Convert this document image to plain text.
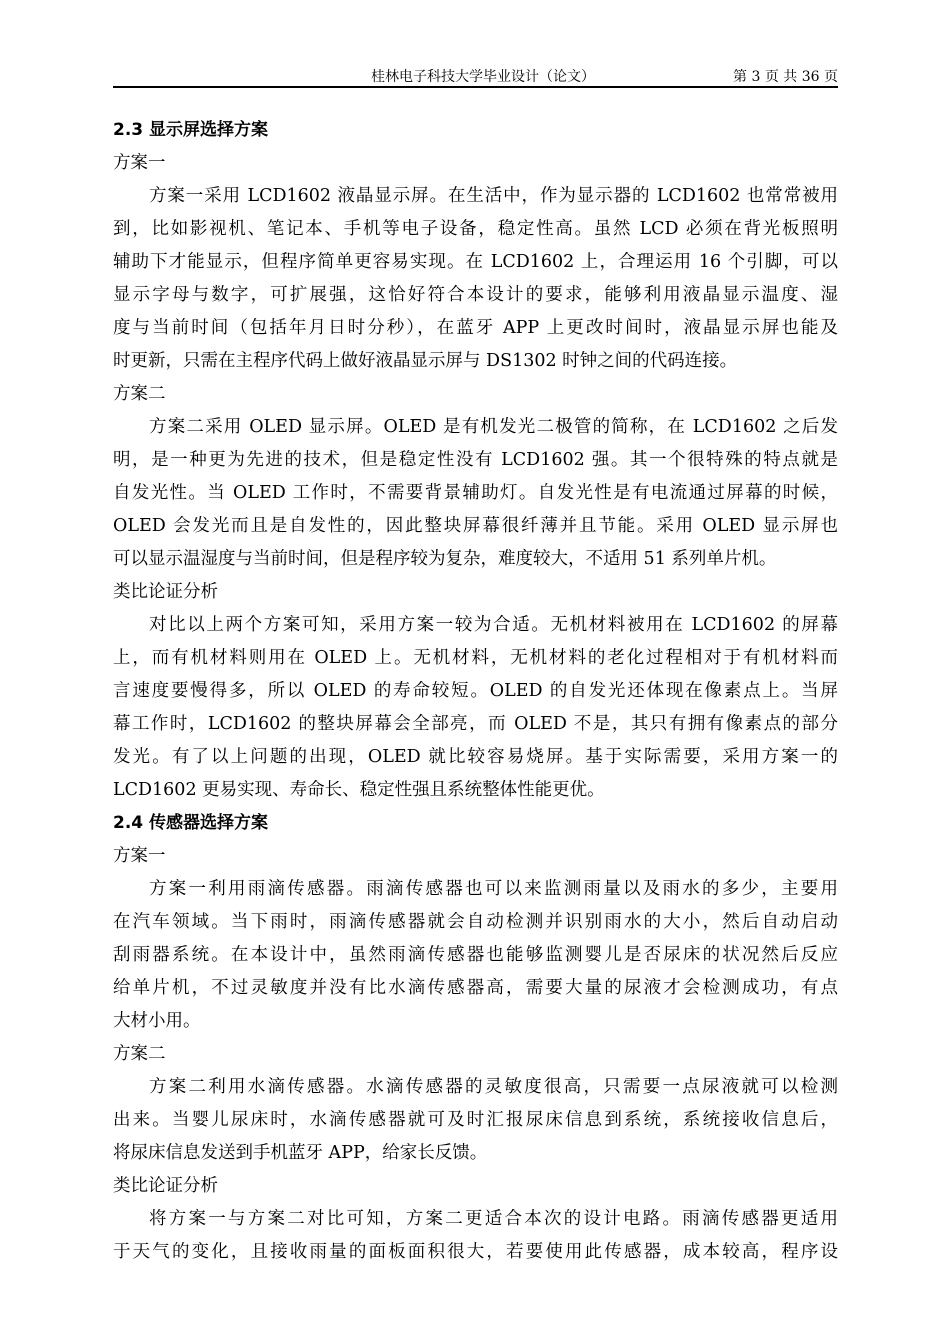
桂林电子科技大学毕业设计（论文）	第 3 页 共 36 页
2.3 显示屏选择方案
方案一
方案一采用 LCD1602 液晶显示屏。在生活中，作为显示器的 LCD1602 也常常被用
到，比如影视机、笔记本、手机等电子设备，稳定性高。虽然 LCD 必须在背光板照明
辅助下才能显示，但程序简单更容易实现。在 LCD1602 上，合理运用 16 个引脚，可以
显示字母与数字，可扩展强，这恰好符合本设计的要求，能够利用液晶显示温度、湿
度与当前时间（包括年月日时分秒），在蓝牙 APP 上更改时间时，液晶显示屏也能及
时更新，只需在主程序代码上做好液晶显示屏与 DS1302 时钟之间的代码连接。
方案二
方案二采用 OLED 显示屏。OLED 是有机发光二极管的简称，在 LCD1602 之后发
明，是一种更为先进的技术，但是稳定性没有 LCD1602 强。其一个很特殊的特点就是
自发光性。当 OLED 工作时，不需要背景辅助灯。自发光性是有电流通过屏幕的时候，
OLED 会发光而且是自发性的，因此整块屏幕很纤薄并且节能。采用 OLED 显示屏也
可以显示温湿度与当前时间，但是程序较为复杂，难度较大，不适用 51 系列单片机。
类比论证分析
对比以上两个方案可知，采用方案一较为合适。无机材料被用在 LCD1602 的屏幕
上，而有机材料则用在 OLED 上。无机材料，无机材料的老化过程相对于有机材料而
言速度要慢得多，所以 OLED 的寿命较短。OLED 的自发光还体现在像素点上。当屏
幕工作时，LCD1602 的整块屏幕会全部亮，而 OLED 不是，其只有拥有像素点的部分
发光。有了以上问题的出现，OLED 就比较容易烧屏。基于实际需要，采用方案一的
LCD1602 更易实现、寿命长、稳定性强且系统整体性能更优。
2.4 传感器选择方案
方案一
方案一利用雨滴传感器。雨滴传感器也可以来监测雨量以及雨水的多少，主要用
在汽车领域。当下雨时，雨滴传感器就会自动检测并识别雨水的大小，然后自动启动
刮雨器系统。在本设计中，虽然雨滴传感器也能够监测婴儿是否尿床的状况然后反应
给单片机，不过灵敏度并没有比水滴传感器高，需要大量的尿液才会检测成功，有点
大材小用。
方案二
方案二利用水滴传感器。水滴传感器的灵敏度很高，只需要一点尿液就可以检测
出来。当婴儿尿床时，水滴传感器就可及时汇报尿床信息到系统，系统接收信息后，
将尿床信息发送到手机蓝牙 APP，给家长反馈。
类比论证分析
将方案一与方案二对比可知，方案二更适合本次的设计电路。雨滴传感器更适用
于天气的变化，且接收雨量的面板面积很大，若要使用此传感器，成本较高，程序设
